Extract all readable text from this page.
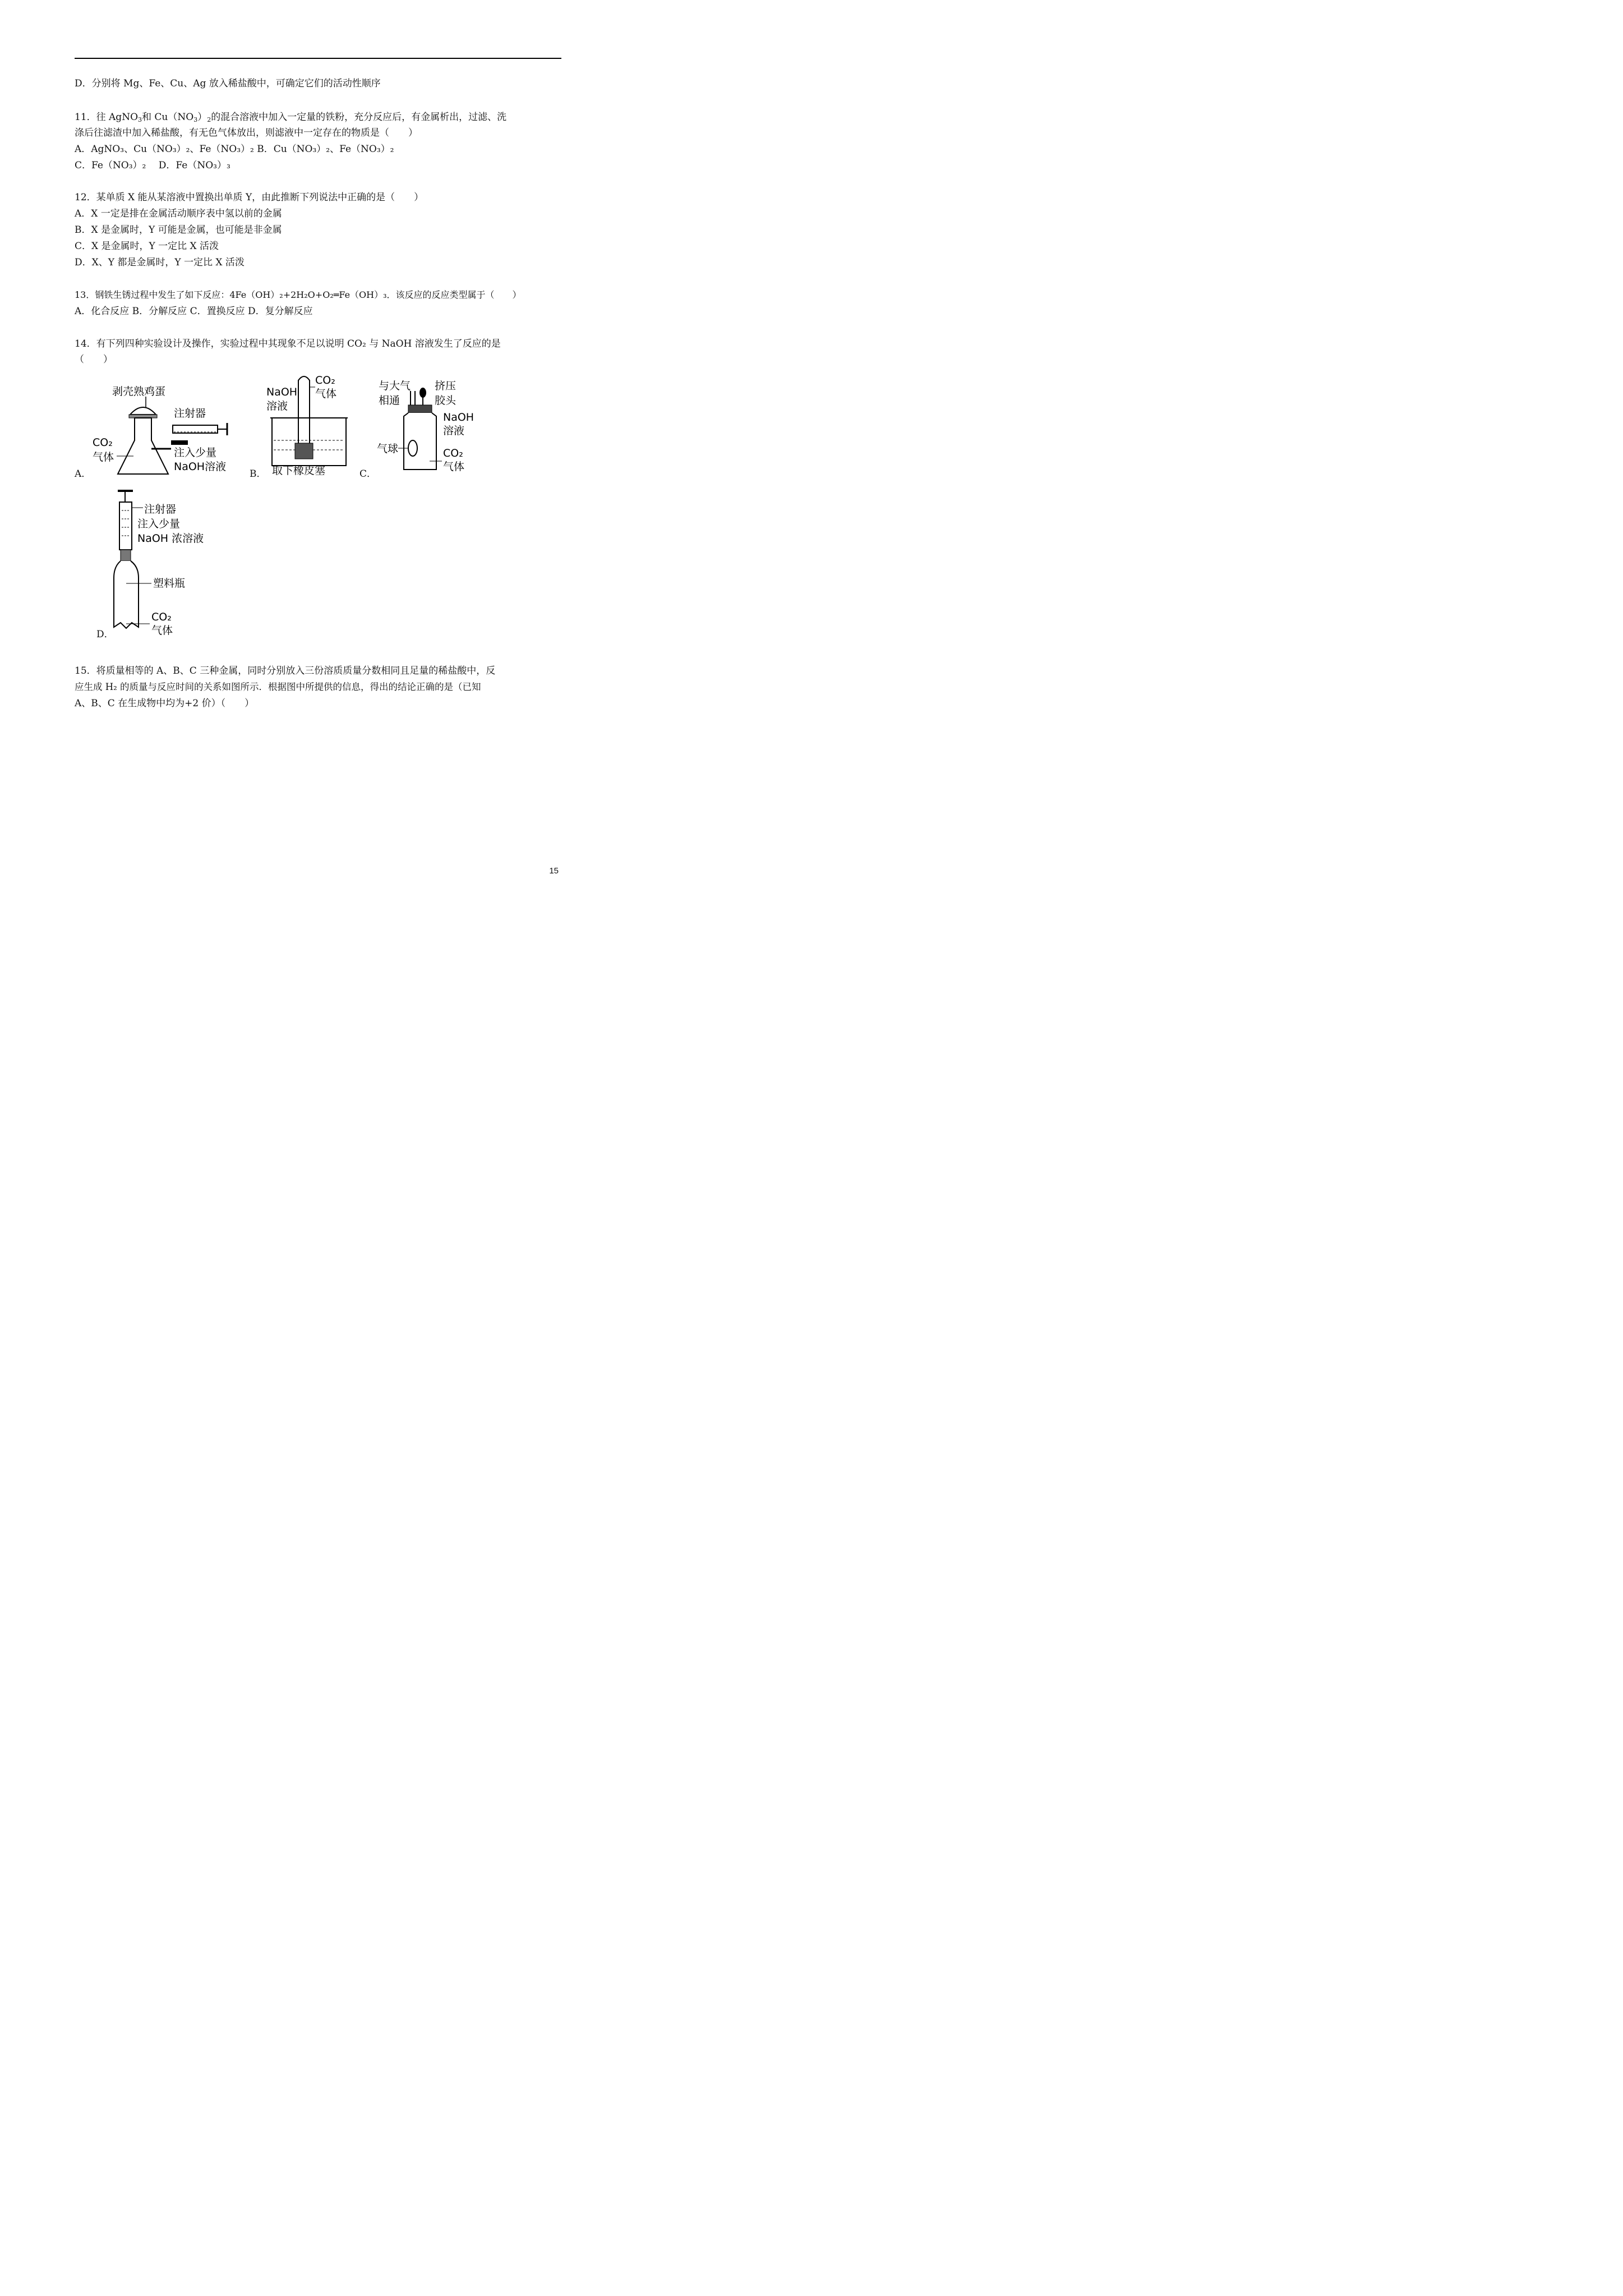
D．分别将 Mg、Fe、Cu、Ag 放入稀盐酸中，可确定它们的活动性顺序
11．往 AgNO$_3$和 $Cu(NO_3)_2$的混合溶液中加入一定量的铁粉，充分反应后，有金属析出，过滤、洗
涤后往滤渣中加入稀盐酸，有无色气体放出，则滤液中一定存在的物质是（　　）
A．AgNO₃、Cu（NO₃）₂、Fe（NO₃）₂ B．Cu（NO₃）₂、Fe（NO₃）₂
C．Fe（NO₃）₂　 D．Fe（NO₃）₃
12．某单质 X 能从某溶液中置换出单质 Y，由此推断下列说法中正确的是（　　）
A．X 一定是排在金属活动顺序表中氢以前的金属
B．X 是金属时，Y 可能是金属，也可能是非金属
C．X 是金属时，Y 一定比 X 活泼
D．X、Y 都是金属时，Y 一定比 X 活泼
13．钢铁生锈过程中发生了如下反应：4Fe（OH）₂+2H₂O+O₂═Fe（OH）₃．该反应的反应类型属于（　　）
A．化合反应 B．分解反应 C．置换反应 D．复分解反应
14．有下列四种实验设计及操作，实验过程中其现象不足以说明 CO₂ 与 NaOH 溶液发生了反应的是
（　　）
A．
剥壳熟鸡蛋
注射器
CO₂
气体	注入少量
NaOH溶液
B．
NaOH
溶液
CO₂
气体
取下橡皮塞	C．
与大气
相通
挤压
胶头
NaOH
溶液
气球	CO₂
气体
D．
注射器
注入少量
NaOH 浓溶液
塑料瓶
CO₂
气体
15．将质量相等的 A、B、C 三种金属，同时分别放入三份溶质质量分数相同且足量的稀盐酸中，反
应生成 H₂ 的质量与反应时间的关系如图所示．根据图中所提供的信息，得出的结论正确的是（已知
A、B、C 在生成物中均为+2 价）（　　）
15
